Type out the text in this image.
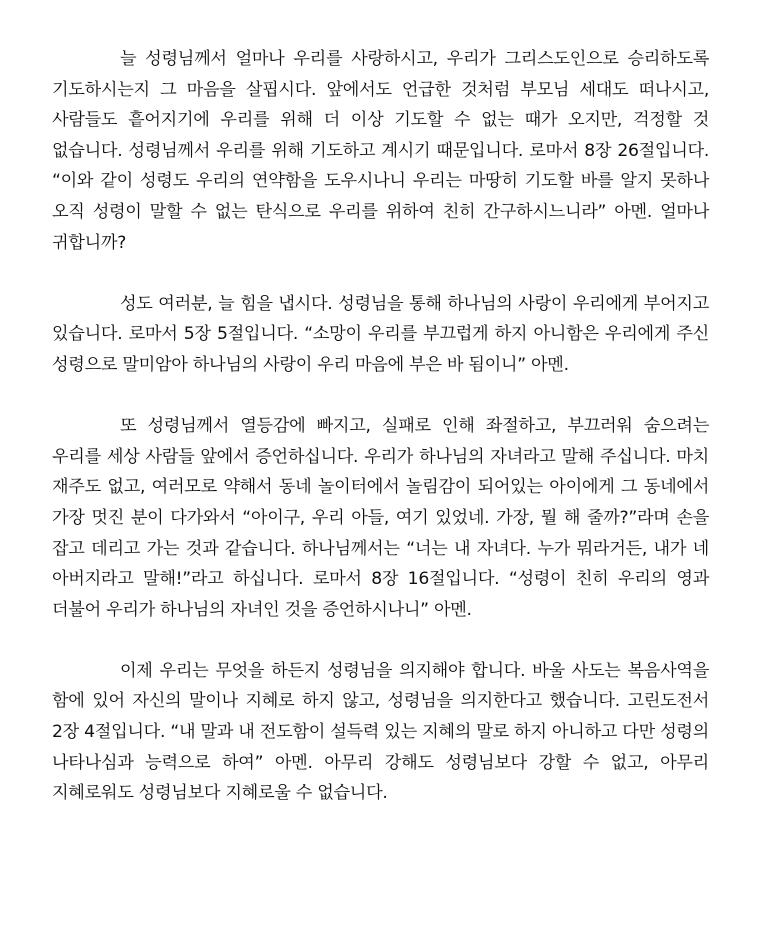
늘 성령님께서 얼마나 우리를 사랑하시고, 우리가 그리스도인으로 승리하도록 기도하시는지 그 마음을 살핍시다. 앞에서도 언급한 것처럼 부모님 세대도 떠나시고, 사람들도 흩어지기에 우리를 위해 더 이상 기도할 수 없는 때가 오지만, 걱정할 것 없습니다. 성령님께서 우리를 위해 기도하고 계시기 때문입니다. 로마서 8장 26절입니다. “이와 같이 성령도 우리의 연약함을 도우시나니 우리는 마땅히 기도할 바를 알지 못하나 오직 성령이 말할 수 없는 탄식으로 우리를 위하여 친히 간구하시느니라” 아멘. 얼마나 귀합니까?

성도 여러분, 늘 힘을 냅시다. 성령님을 통해 하나님의 사랑이 우리에게 부어지고 있습니다. 로마서 5장 5절입니다. “소망이 우리를 부끄럽게 하지 아니함은 우리에게 주신 성령으로 말미암아 하나님의 사랑이 우리 마음에 부은 바 됨이니” 아멘.

또 성령님께서 열등감에 빠지고, 실패로 인해 좌절하고, 부끄러워 숨으려는 우리를 세상 사람들 앞에서 증언하십니다. 우리가 하나님의 자녀라고 말해 주십니다. 마치 재주도 없고, 여러모로 약해서 동네 놀이터에서 놀림감이 되어있는 아이에게 그 동네에서 가장 멋진 분이 다가와서 “아이구, 우리 아들, 여기 있었네. 가장, 뭘 해 줄까?”라며 손을 잡고 데리고 가는 것과 같습니다. 하나님께서는 “너는 내 자녀다. 누가 뭐라거든, 내가 네 아버지라고 말해!”라고 하십니다. 로마서 8장 16절입니다. “성령이 친히 우리의 영과 더불어 우리가 하나님의 자녀인 것을 증언하시나니” 아멘.

이제 우리는 무엇을 하든지 성령님을 의지해야 합니다. 바울 사도는 복음사역을 함에 있어 자신의 말이나 지혜로 하지 않고, 성령님을 의지한다고 했습니다. 고린도전서 2장 4절입니다. “내 말과 내 전도함이 설득력 있는 지혜의 말로 하지 아니하고 다만 성령의 나타나심과 능력으로 하여” 아멘. 아무리 강해도 성령님보다 강할 수 없고, 아무리 지혜로워도 성령님보다 지혜로울 수 없습니다.
